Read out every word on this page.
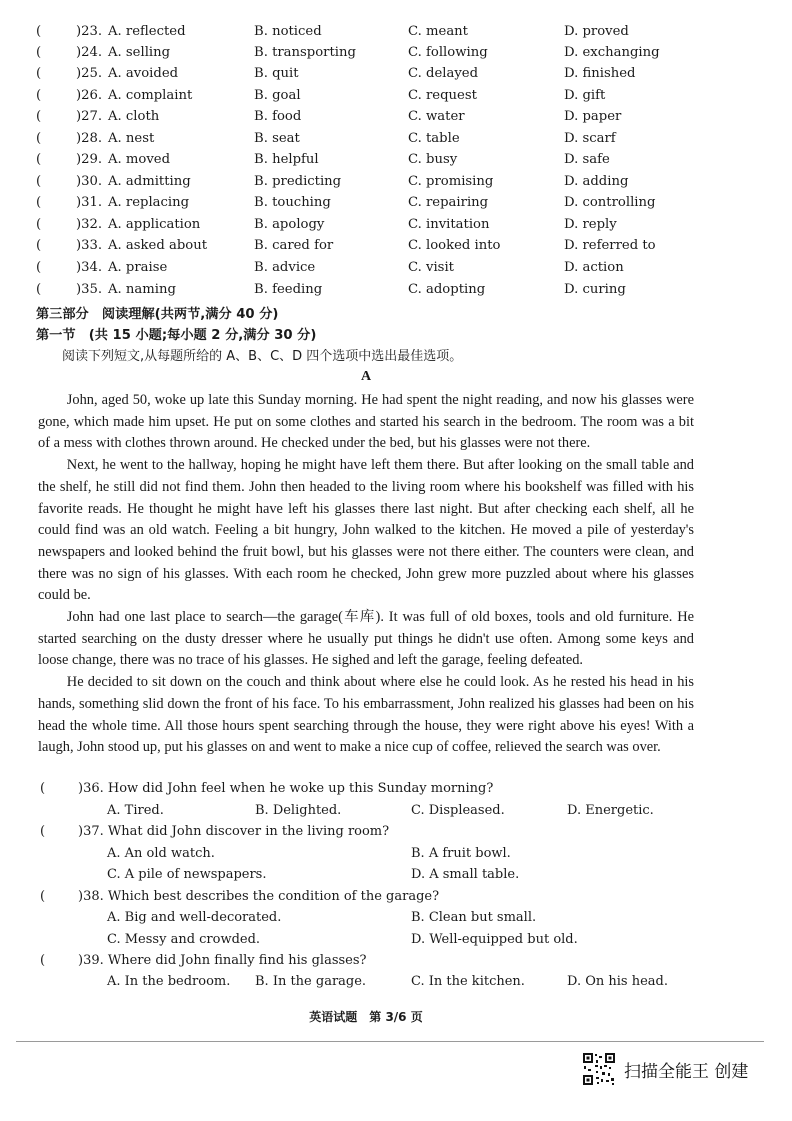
(	)23. A. reflected	B. noticed	C. meant	D. proved
(	)24. A. selling	B. transporting	C. following	D. exchanging
(	)25. A. avoided	B. quit	C. delayed	D. finished
(	)26. A. complaint	B. goal	C. request	D. gift
(	)27. A. cloth	B. food	C. water	D. paper
(	)28. A. nest	B. seat	C. table	D. scarf
(	)29. A. moved	B. helpful	C. busy	D. safe
(	)30. A. admitting	B. predicting	C. promising	D. adding
(	)31. A. replacing	B. touching	C. repairing	D. controlling
(	)32. A. application	B. apology	C. invitation	D. reply
(	)33. A. asked about	B. cared for	C. looked into	D. referred to
(	)34. A. praise	B. advice	C. visit	D. action
(	)35. A. naming	B. feeding	C. adopting	D. curing
第三部分　阅读理解(共两节,满分 40 分)
第一节　(共 15 小题;每小题 2 分,满分 30 分)
阅读下列短文,从每题所给的 A、B、C、D 四个选项中选出最佳选项。
A

John, aged 50, woke up late this Sunday morning. He had spent the night reading, and now his glasses were gone, which made him upset. He put on some clothes and started his search in the bedroom. The room was a bit of a mess with clothes thrown around. He checked under the bed, but his glasses were not there.

Next, he went to the hallway, hoping he might have left them there. But after looking on the small table and the shelf, he still did not find them. John then headed to the living room where his bookshelf was filled with his favorite reads. He thought he might have left his glasses there last night. But after checking each shelf, all he could find was an old watch. Feeling a bit hungry, John walked to the kitchen. He moved a pile of yesterday's newspapers and looked behind the fruit bowl, but his glasses were not there either. The counters were clean, and there was no sign of his glasses. With each room he checked, John grew more puzzled about where his glasses could be.

John had one last place to search—the garage(车库). It was full of old boxes, tools and old furniture. He started searching on the dusty dresser where he usually put things he didn't use often. Among some keys and loose change, there was no trace of his glasses. He sighed and left the garage, feeling defeated.

He decided to sit down on the couch and think about where else he could look. As he rested his head in his hands, something slid down the front of his face. To his embarrassment, John realized his glasses had been on his head the whole time. All those hours spent searching through the house, they were right above his eyes! With a laugh, John stood up, put his glasses on and went to make a nice cup of coffee, relieved the search was over.

(	)36. How did John feel when he woke up this Sunday morning?
A. Tired.	B. Delighted.	C. Displeased.	D. Energetic.
(	)37. What did John discover in the living room?
A. An old watch.	B. A fruit bowl.
C. A pile of newspapers.	D. A small table.
(	)38. Which best describes the condition of the garage?
A. Big and well-decorated.	B. Clean but small.
C. Messy and crowded.	D. Well-equipped but old.
(	)39. Where did John finally find his glasses?
A. In the bedroom. B. In the garage.	C. In the kitchen.	D. On his head.
英语试题　第 3/6 页
扫描全能王 创建
